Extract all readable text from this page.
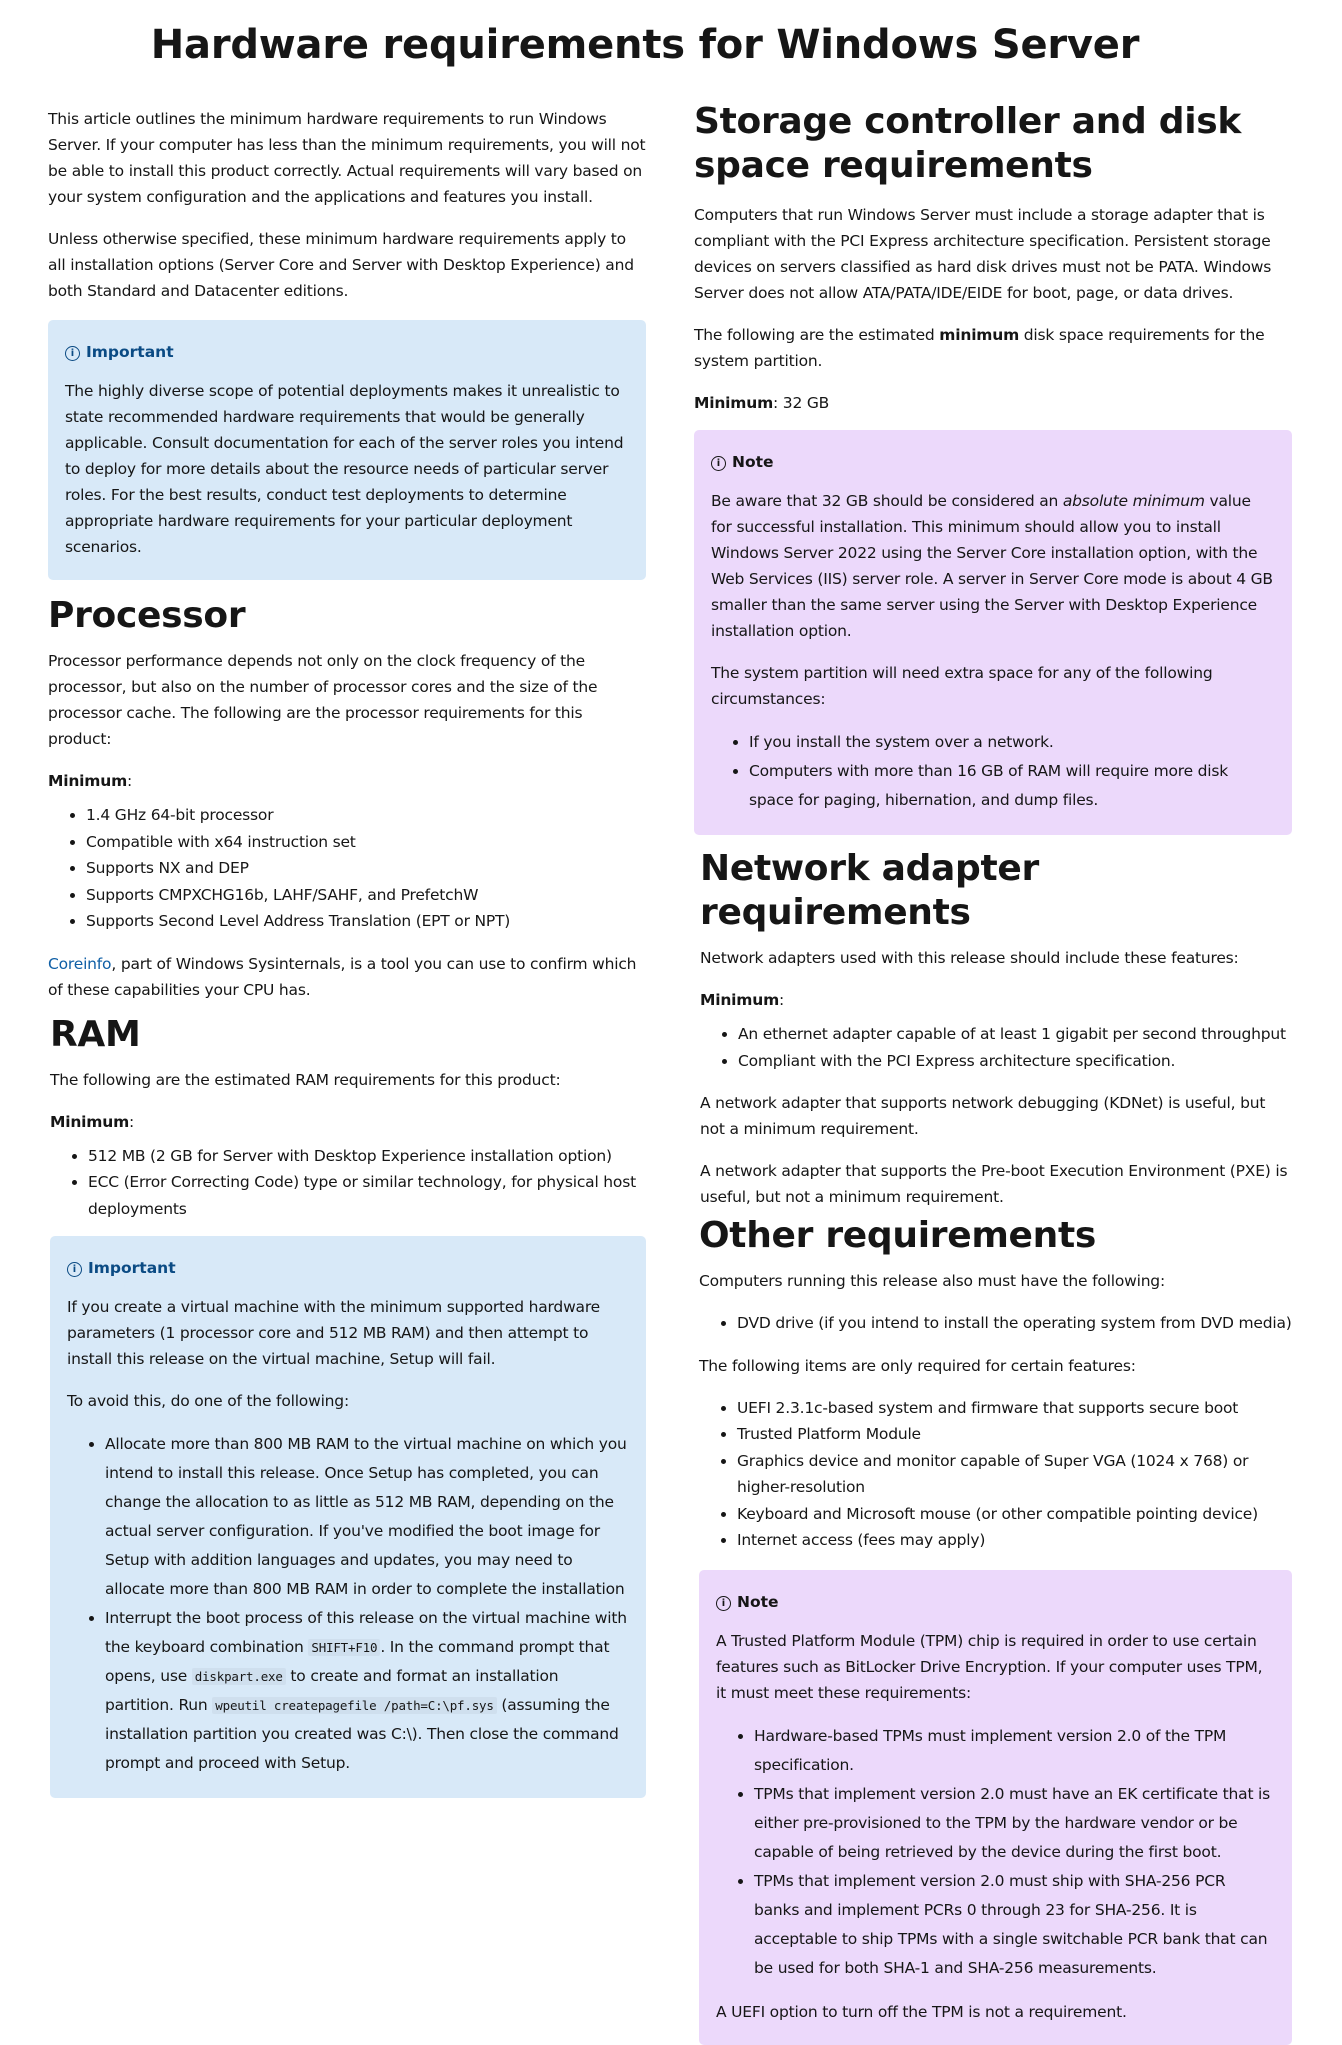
Hardware requirements for Windows Server

This article outlines the minimum hardware requirements to run Windows Server. If your computer has less than the minimum requirements, you will not be able to install this product correctly. Actual requirements will vary based on your system configuration and the applications and features you install.

Unless otherwise specified, these minimum hardware requirements apply to all installation options (Server Core and Server with Desktop Experience) and both Standard and Datacenter editions.

i Important

The highly diverse scope of potential deployments makes it unrealistic to state recommended hardware requirements that would be generally applicable. Consult documentation for each of the server roles you intend to deploy for more details about the resource needs of particular server roles. For the best results, conduct test deployments to determine appropriate hardware requirements for your particular deployment scenarios.

Processor

Processor performance depends not only on the clock frequency of the processor, but also on the number of processor cores and the size of the processor cache. The following are the processor requirements for this product:

Minimum:

• 1.4 GHz 64-bit processor
• Compatible with x64 instruction set
• Supports NX and DEP
• Supports CMPXCHG16b, LAHF/SAHF, and PrefetchW
• Supports Second Level Address Translation (EPT or NPT)

Coreinfo, part of Windows Sysinternals, is a tool you can use to confirm which of these capabilities your CPU has.

RAM

The following are the estimated RAM requirements for this product:

Minimum:

• 512 MB (2 GB for Server with Desktop Experience installation option)
• ECC (Error Correcting Code) type or similar technology, for physical host deployments
i Important

If you create a virtual machine with the minimum supported hardware parameters (1 processor core and 512 MB RAM) and then attempt to install this release on the virtual machine, Setup will fail.

To avoid this, do one of the following:

• Allocate more than 800 MB RAM to the virtual machine on which you intend to install this release. Once Setup has completed, you can change the allocation to as little as 512 MB RAM, depending on the actual server configuration. If you've modified the boot image for Setup with addition languages and updates, you may need to allocate more than 800 MB RAM in order to complete the installation
• Interrupt the boot process of this release on the virtual machine with the keyboard combination SHIFT+F10 . In the command prompt that opens, use diskpart.exe to create and format an installation partition. Run wpeutil createpagefile /path=C:\pf.sys (assuming the installation partition you created was C:\). Then close the command prompt and proceed with Setup.
Storage controller and disk space requirements

Computers that run Windows Server must include a storage adapter that is compliant with the PCI Express architecture specification. Persistent storage devices on servers classified as hard disk drives must not be PATA. Windows Server does not allow ATA/PATA/IDE/EIDE for boot, page, or data drives.

The following are the estimated minimum disk space requirements for the system partition.

Minimum: 32 GB

i Note

Be aware that 32 GB should be considered an absolute minimum value for successful installation. This minimum should allow you to install Windows Server 2022 using the Server Core installation option, with the Web Services (IIS) server role. A server in Server Core mode is about 4 GB smaller than the same server using the Server with Desktop Experience installation option.

The system partition will need extra space for any of the following circumstances:

• If you install the system over a network.
• Computers with more than 16 GB of RAM will require more disk space for paging, hibernation, and dump files.
Network adapter requirements

Network adapters used with this release should include these features:

Minimum:

• An ethernet adapter capable of at least 1 gigabit per second throughput
• Compliant with the PCI Express architecture specification.

A network adapter that supports network debugging (KDNet) is useful, but not a minimum requirement.

A network adapter that supports the Pre-boot Execution Environment (PXE) is useful, but not a minimum requirement.

Other requirements

Computers running this release also must have the following:

• DVD drive (if you intend to install the operating system from DVD media)

The following items are only required for certain features:

• UEFI 2.3.1c-based system and firmware that supports secure boot
• Trusted Platform Module
• Graphics device and monitor capable of Super VGA (1024 x 768) or higher-resolution
• Keyboard and Microsoft mouse (or other compatible pointing device)
• Internet access (fees may apply)
i Note

A Trusted Platform Module (TPM) chip is required in order to use certain features such as BitLocker Drive Encryption. If your computer uses TPM, it must meet these requirements:

• Hardware-based TPMs must implement version 2.0 of the TPM specification.
• TPMs that implement version 2.0 must have an EK certificate that is either pre-provisioned to the TPM by the hardware vendor or be capable of being retrieved by the device during the first boot.
• TPMs that implement version 2.0 must ship with SHA-256 PCR banks and implement PCRs 0 through 23 for SHA-256. It is acceptable to ship TPMs with a single switchable PCR bank that can be used for both SHA-1 and SHA-256 measurements.

A UEFI option to turn off the TPM is not a requirement.
